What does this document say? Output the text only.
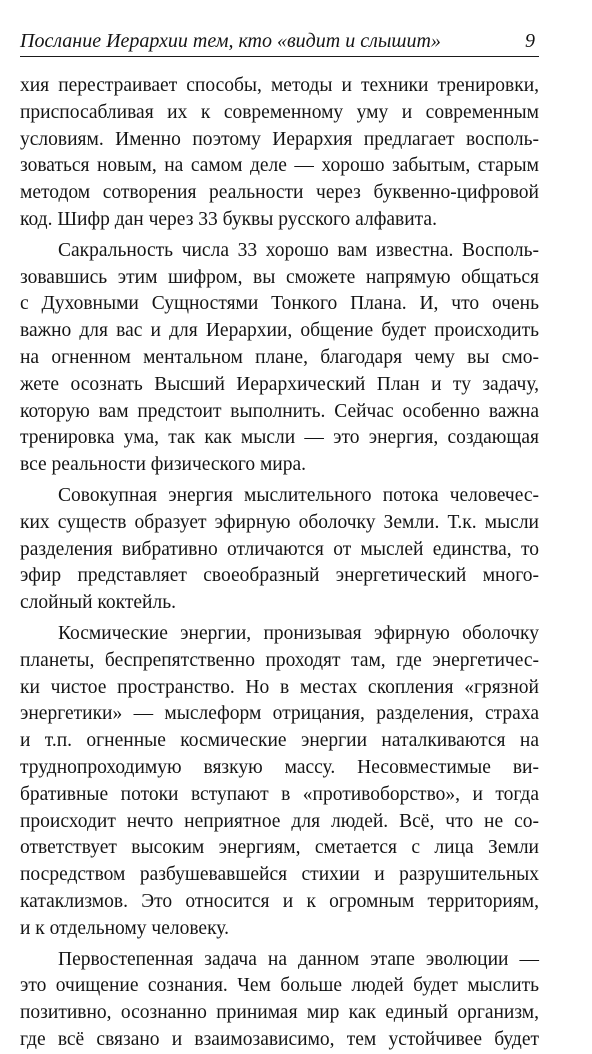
Послание Иерархии тем, кто «видит и слышит»	9
хия перестраивает способы, методы и техники тренировки,
приспосабливая их к современному уму и современным
условиям. Именно поэтому Иерархия предлагает восполь-
зоваться новым, на самом деле — хорошо забытым, старым
методом сотворения реальности через буквенно-цифровой
код. Шифр дан через 33 буквы русского алфавита.
Сакральность числа 33 хорошо вам известна. Восполь-
зовавшись этим шифром, вы сможете напрямую общаться
с Духовными Сущностями Тонкого Плана. И, что очень
важно для вас и для Иерархии, общение будет происходить
на огненном ментальном плане, благодаря чему вы смо-
жете осознать Высший Иерархический План и ту задачу,
которую вам предстоит выполнить. Сейчас особенно важна
тренировка ума, так как мысли — это энергия, создающая
все реальности физического мира.
Совокупная энергия мыслительного потока человечес-
ких существ образует эфирную оболочку Земли. Т.к. мысли
разделения вибративно отличаются от мыслей единства, то
эфир представляет своеобразный энергетический много-
слойный коктейль.
Космические энергии, пронизывая эфирную оболочку
планеты, беспрепятственно проходят там, где энергетичес-
ки чистое пространство. Но в местах скопления «грязной
энергетики» — мыслеформ отрицания, разделения, страха
и т.п. огненные космические энергии наталкиваются на
труднопроходимую вязкую массу. Несовместимые ви-
бративные потоки вступают в «противоборство», и тогда
происходит нечто неприятное для людей. Всё, что не со-
ответствует высоким энергиям, сметается с лица Земли
посредством разбушевавшейся стихии и разрушительных
катаклизмов. Это относится и к огромным территориям,
и к отдельному человеку.
Первостепенная задача на данном этапе эволюции —
это очищение сознания. Чем больше людей будет мыслить
позитивно, осознанно принимая мир как единый организм,
где всё связано и взаимозависимо, тем устойчивее будет
